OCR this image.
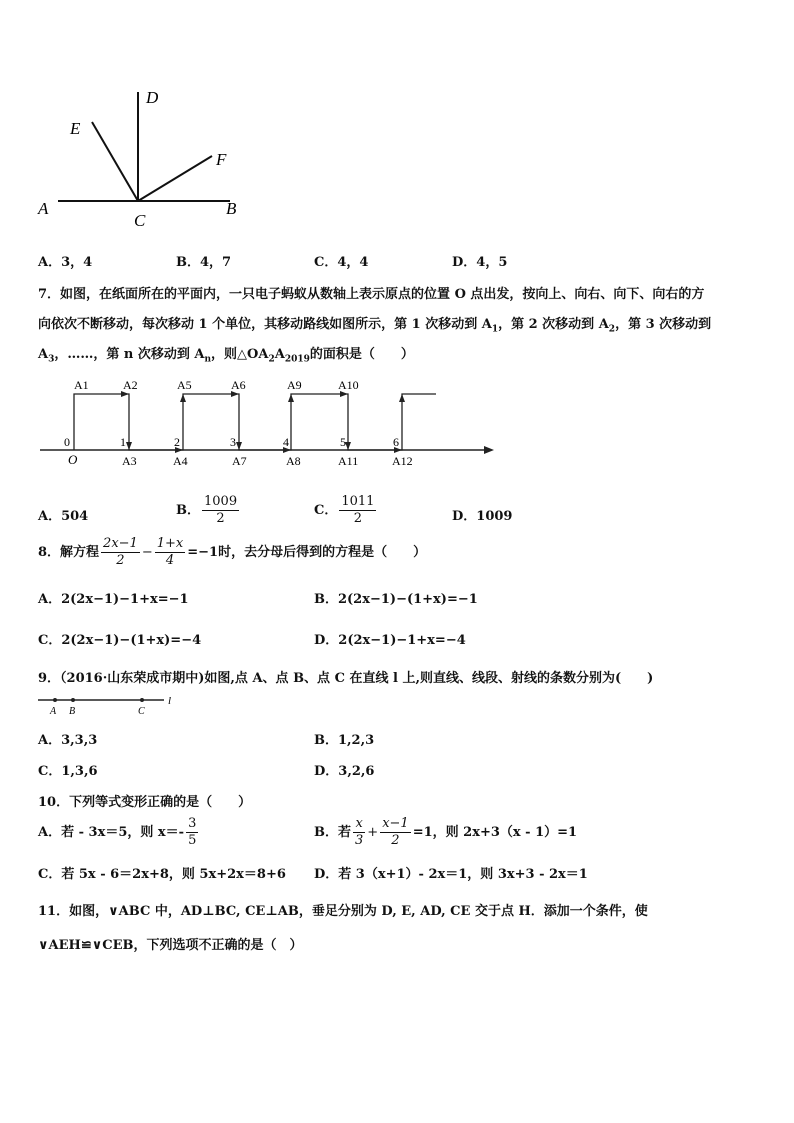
D
E
F
A	B
C
A．3，4	B．4，7	C．4，4	D．4，5
7．如图，在纸面所在的平面内，一只电子蚂蚁从数轴上表示原点的位置 O 点出发，按向上、向右、向下、向右的方
向依次不断移动，每次移动 1 个单位，其移动路线如图所示，第 1 次移动到 $A_1$，第 2 次移动到 $A_2$，第 3 次移动到
$A_3$，……，第 n 次移动到 $A_n$，则$\triangle OA_2A_{2019}$的面积是（　　）
A1	A2	A5	A6	A9	A10
0	1	2	3	4	5	6
O	A3	A4	A7	A8	A11	A12
A．504	B． $\frac{1009}{2}$	C． $\frac{1011}{2}$	D．1009
8．解方程 $\frac{2x-1}{2} - \frac{1+x}{4} =-1$时，去分母后得到的方程是（　　）
A．2(2x−1)−1+x=−1	B．2(2x−1)−(1+x)=−1
C．2(2x−1)−(1+x)=−4	D．2(2x−1)−1+x=−4
9．（2016·山东荣成市期中)如图,点 A、点 B、点 C 在直线 l 上,则直线、线段、射线的条数分别为(　　)
A B	C
l
A．3,3,3	B．1,2,3
C．1,3,6	D．3,2,6
10．下列等式变形正确的是（　　）
A．若 - 3x＝5，则 $x=- \frac{3}{5}$	B．若 $\frac{x}{3} + \frac{x-1}{2} =1$，则 2x+3（x - 1）=1
C．若 5x - 6＝2x+8，则 5x+2x＝8+6 D．若 3（x+1）- 2x＝1，则 3x+3 - 2x＝1
11．如图，∨ABC 中，AD⊥BC, CE⊥AB，垂足分别为 D, E, AD, CE 交于点 H．添加一个条件，使
∨AEH≌∨CEB，下列选项不正确的是（　）
